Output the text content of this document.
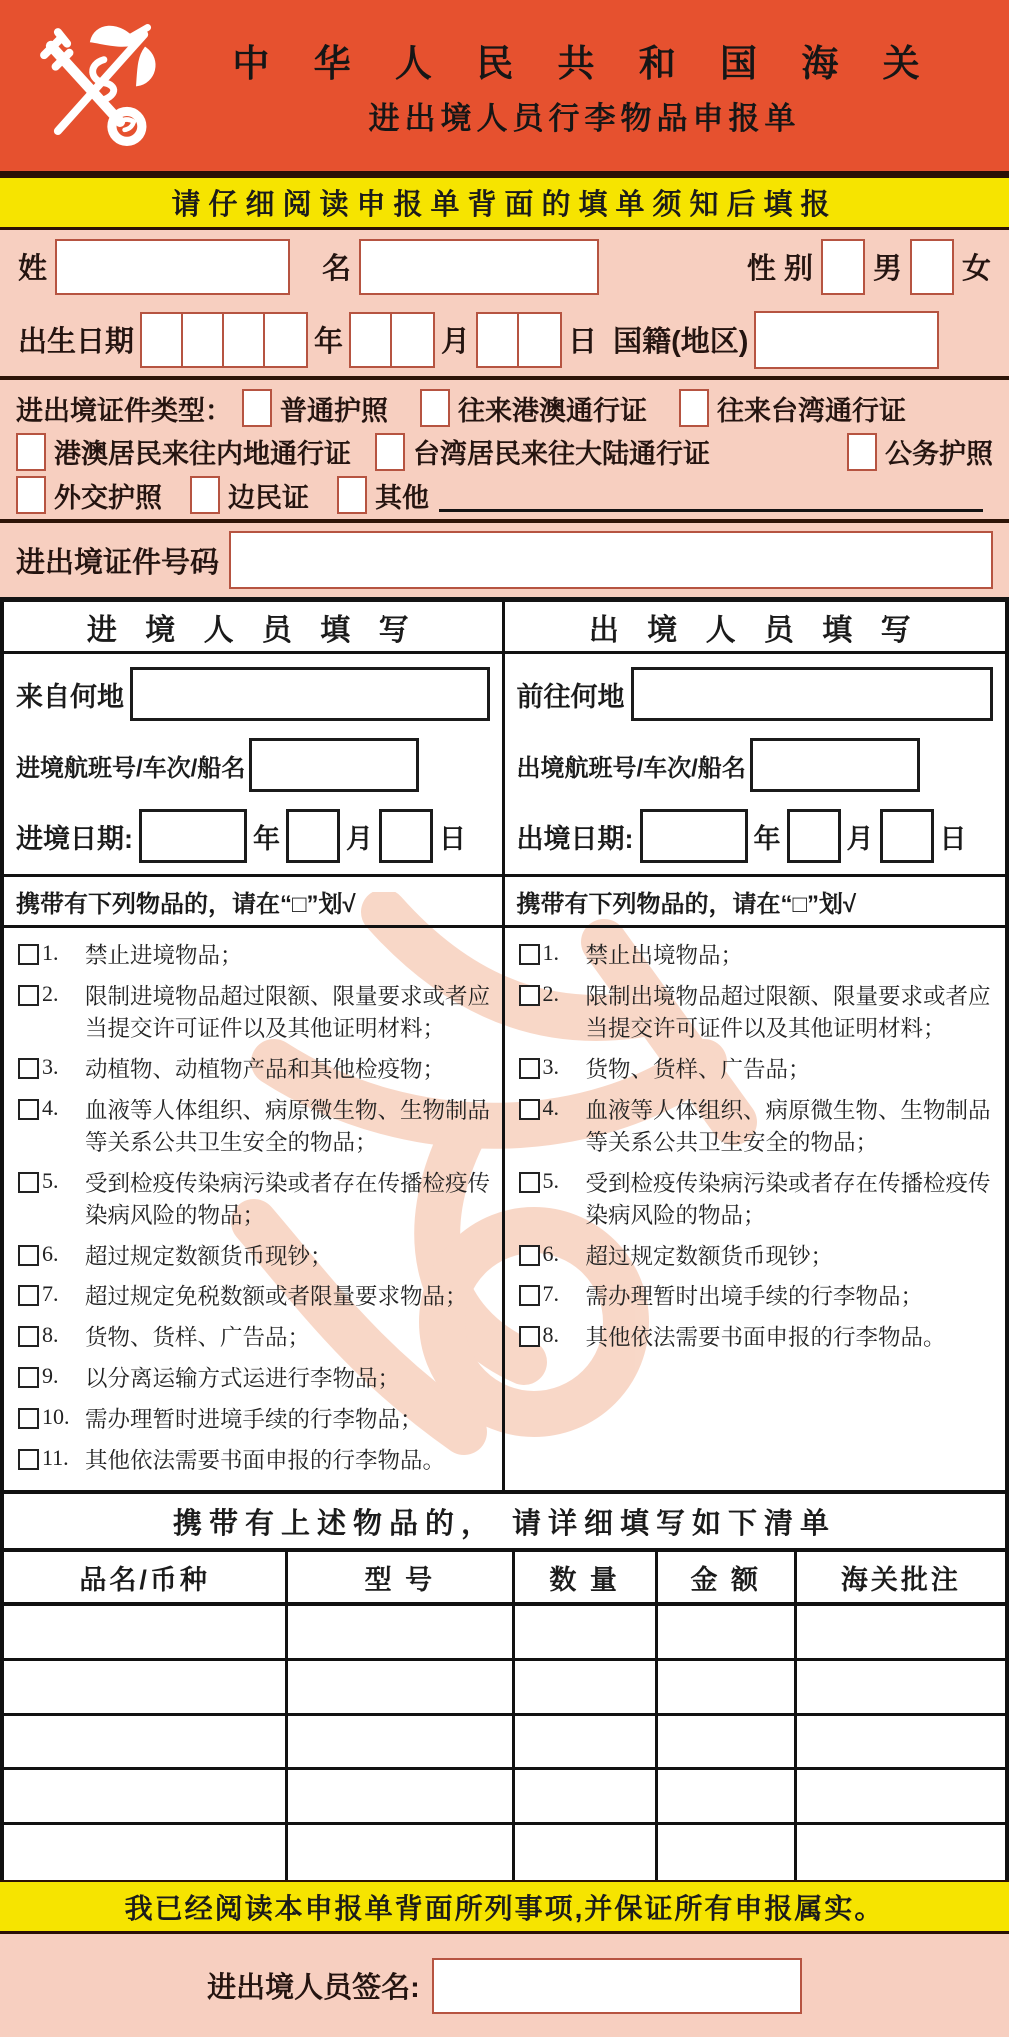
中 华 人 民 共 和 国 海 关
进出境人员行李物品申报单
请仔细阅读申报单背面的填单须知后填报
姓	名	性 别 男 女
出生日期	年	月	日 国籍(地区)
进出境证件类型： 普通护照	往来港澳通行证	往来台湾通行证
港澳居民来往内地通行证 台湾居民来往大陆通行证	公务护照
外交护照 边民证 其他
进出境证件号码
进 境 人 员 填 写
来自何地
进境航班号/车次/船名
进境日期:	年 月 日
携带有下列物品的，请在“□”划√
1.	禁止进境物品；
2.	限制进境物品超过限额、限量要求或者应当提交许可证件以及其他证明材料；
3.	动植物、动植物产品和其他检疫物；
4.	血液等人体组织、病原微生物、生物制品等关系公共卫生安全的物品；
5.	受到检疫传染病污染或者存在传播检疫传染病风险的物品；
6.	超过规定数额货币现钞；
7.	超过规定免税数额或者限量要求物品；
8.	货物、货样、广告品；
9.	以分离运输方式运进行李物品；
10. 需办理暂时进境手续的行李物品；
11. 其他依法需要书面申报的行李物品。
出 境 人 员 填 写
前往何地
出境航班号/车次/船名
出境日期:	年 月 日
携带有下列物品的，请在“□”划√
1.	禁止出境物品；
2.	限制出境物品超过限额、限量要求或者应当提交许可证件以及其他证明材料；
3.	货物、货样、广告品；
4.	血液等人体组织、病原微生物、生物制品等关系公共卫生安全的物品；
5.	受到检疫传染病污染或者存在传播检疫传染病风险的物品；
6.	超过规定数额货币现钞；
7.	需办理暂时出境手续的行李物品；
8.	其他依法需要书面申报的行李物品。
携带有上述物品的， 请详细填写如下清单
品名/币种	型 号	数 量	金 额	海关批注
我已经阅读本申报单背面所列事项,并保证所有申报属实。
进出境人员签名:
